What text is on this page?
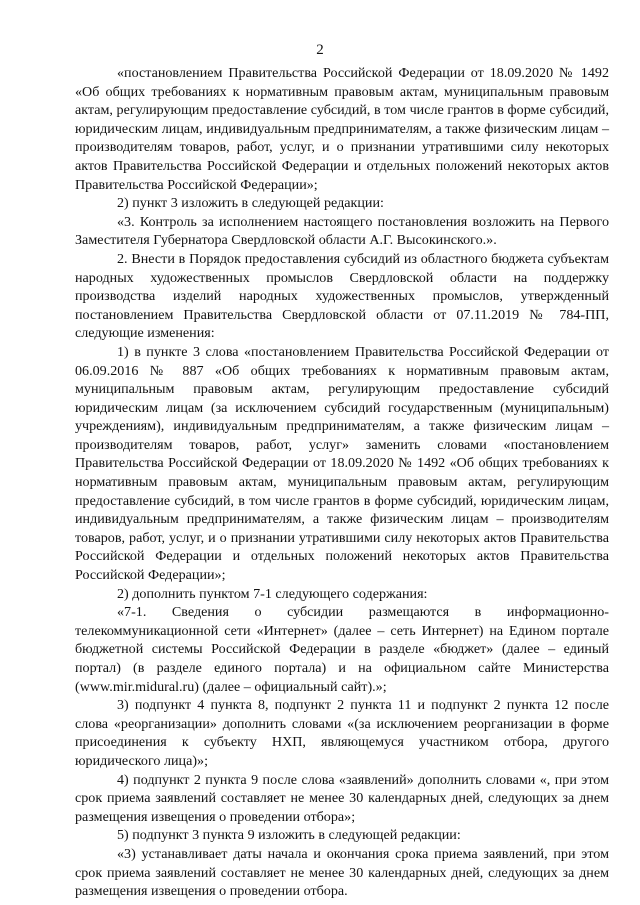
2

«постановлением Правительства Российской Федерации от 18.09.2020 № 1492 «Об общих требованиях к нормативным правовым актам, муниципальным правовым актам, регулирующим предоставление субсидий, в том числе грантов в форме субсидий, юридическим лицам, индивидуальным предпринимателям, а также физическим лицам – производителям товаров, работ, услуг, и о признании утратившими силу некоторых актов Правительства Российской Федерации и отдельных положений некоторых актов Правительства Российской Федерации»;

2) пункт 3 изложить в следующей редакции:

«3. Контроль за исполнением настоящего постановления возложить на Первого Заместителя Губернатора Свердловской области А.Г. Высокинского.».

2. Внести в Порядок предоставления субсидий из областного бюджета субъектам народных художественных промыслов Свердловской области на поддержку производства изделий народных художественных промыслов, утвержденный постановлением Правительства Свердловской области от 07.11.2019 № 784-ПП, следующие изменения:

1) в пункте 3 слова «постановлением Правительства Российской Федерации от 06.09.2016 № 887 «Об общих требованиях к нормативным правовым актам, муниципальным правовым актам, регулирующим предоставление субсидий юридическим лицам (за исключением субсидий государственным (муниципальным) учреждениям), индивидуальным предпринимателям, а также физическим лицам – производителям товаров, работ, услуг» заменить словами «постановлением Правительства Российской Федерации от 18.09.2020 № 1492 «Об общих требованиях к нормативным правовым актам, муниципальным правовым актам, регулирующим предоставление субсидий, в том числе грантов в форме субсидий, юридическим лицам, индивидуальным предпринимателям, а также физическим лицам – производителям товаров, работ, услуг, и о признании утратившими силу некоторых актов Правительства Российской Федерации и отдельных положений некоторых актов Правительства Российской Федерации»;

2) дополнить пунктом 7-1 следующего содержания:

«7-1. Сведения о субсидии размещаются в информационно-телекоммуникационной сети «Интернет» (далее – сеть Интернет) на Едином портале бюджетной системы Российской Федерации в разделе «бюджет» (далее – единый портал) (в разделе единого портала) и на официальном сайте Министерства (www.mir.midural.ru) (далее – официальный сайт).»;

3) подпункт 4 пункта 8, подпункт 2 пункта 11 и подпункт 2 пункта 12 после слова «реорганизации» дополнить словами «(за исключением реорганизации в форме присоединения к субъекту НХП, являющемуся участником отбора, другого юридического лица)»;

4) подпункт 2 пункта 9 после слова «заявлений» дополнить словами «, при этом срок приема заявлений составляет не менее 30 календарных дней, следующих за днем размещения извещения о проведении отбора»;

5) подпункт 3 пункта 9 изложить в следующей редакции:

«3) устанавливает даты начала и окончания срока приема заявлений, при этом срок приема заявлений составляет не менее 30 календарных дней, следующих за днем размещения извещения о проведении отбора.
